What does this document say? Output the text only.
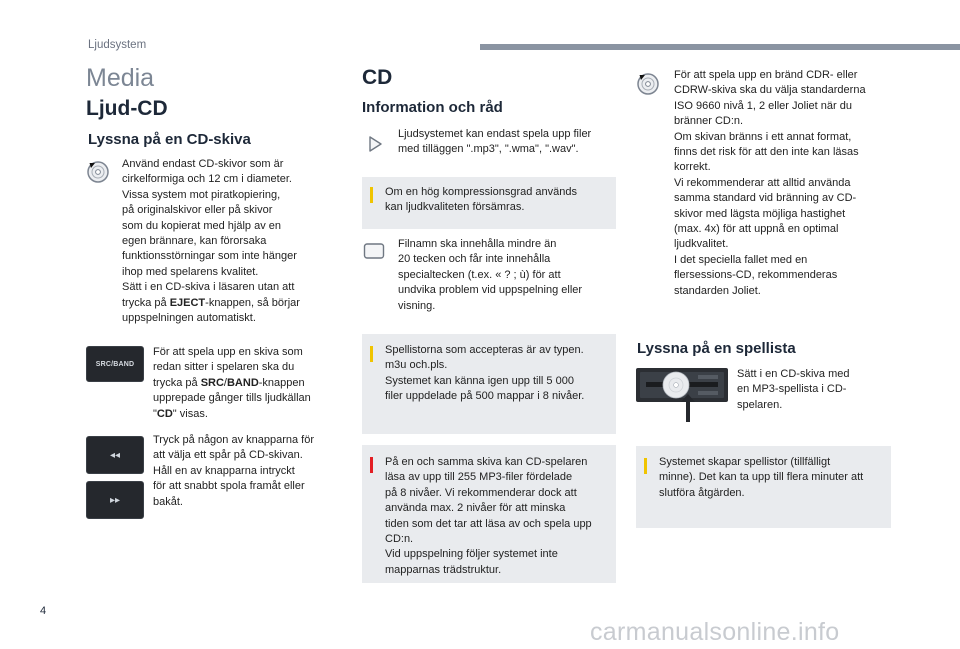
Ljudsystem
Media
Ljud-CD
Lyssna på en CD-skiva
Använd endast CD-skivor som är
cirkelformiga och 12 cm i diameter.
Vissa system mot piratkopiering,
på originalskivor eller på skivor
som du kopierat med hjälp av en
egen brännare, kan förorsaka
funktionsstörningar som inte hänger
ihop med spelarens kvalitet.
Sätt i en CD-skiva i läsaren utan att
trycka på EJECT-knappen, så börjar
uppspelningen automatiskt.
SRC/BAND
För att spela upp en skiva som
redan sitter i spelaren ska du
trycka på SRC/BAND-knappen
upprepade gånger tills ljudkällan
"CD" visas.
◂◂
▸▸
Tryck på någon av knapparna för
att välja ett spår på CD-skivan.
Håll en av knapparna intryckt
för att snabbt spola framåt eller
bakåt.
CD
Information och råd
Ljudsystemet kan endast spela upp filer
med tilläggen ".mp3", ".wma", ".wav".
Om en hög kompressionsgrad används
kan ljudkvaliteten försämras.
Filnamn ska innehålla mindre än
20 tecken och får inte innehålla
specialtecken (t.ex. « ? ; ù) för att
undvika problem vid uppspelning eller
visning.
Spellistorna som accepteras är av typen.
m3u och.pls.
Systemet kan känna igen upp till 5 000
filer uppdelade på 500 mappar i 8 nivåer.
På en och samma skiva kan CD-spelaren
läsa av upp till 255 MP3-filer fördelade
på 8 nivåer. Vi rekommenderar dock att
använda max. 2 nivåer för att minska
tiden som det tar att läsa av och spela upp
CD:n.
Vid uppspelning följer systemet inte
mapparnas trädstruktur.
För att spela upp en bränd CDR- eller
CDRW-skiva ska du välja standarderna
ISO 9660 nivå 1, 2 eller Joliet när du
bränner CD:n.
Om skivan bränns i ett annat format,
finns det risk för att den inte kan läsas
korrekt.
Vi rekommenderar att alltid använda
samma standard vid bränning av CD-
skivor med lägsta möjliga hastighet
(max. 4x) för att uppnå en optimal
ljudkvalitet.
I det speciella fallet med en
flersessions-CD, rekommenderas
standarden Joliet.
Lyssna på en spellista
Sätt i en CD-skiva med
en MP3-spellista i CD-
spelaren.
Systemet skapar spellistor (tillfälligt
minne). Det kan ta upp till flera minuter att
slutföra åtgärden.
4
carmanualsonline.info
